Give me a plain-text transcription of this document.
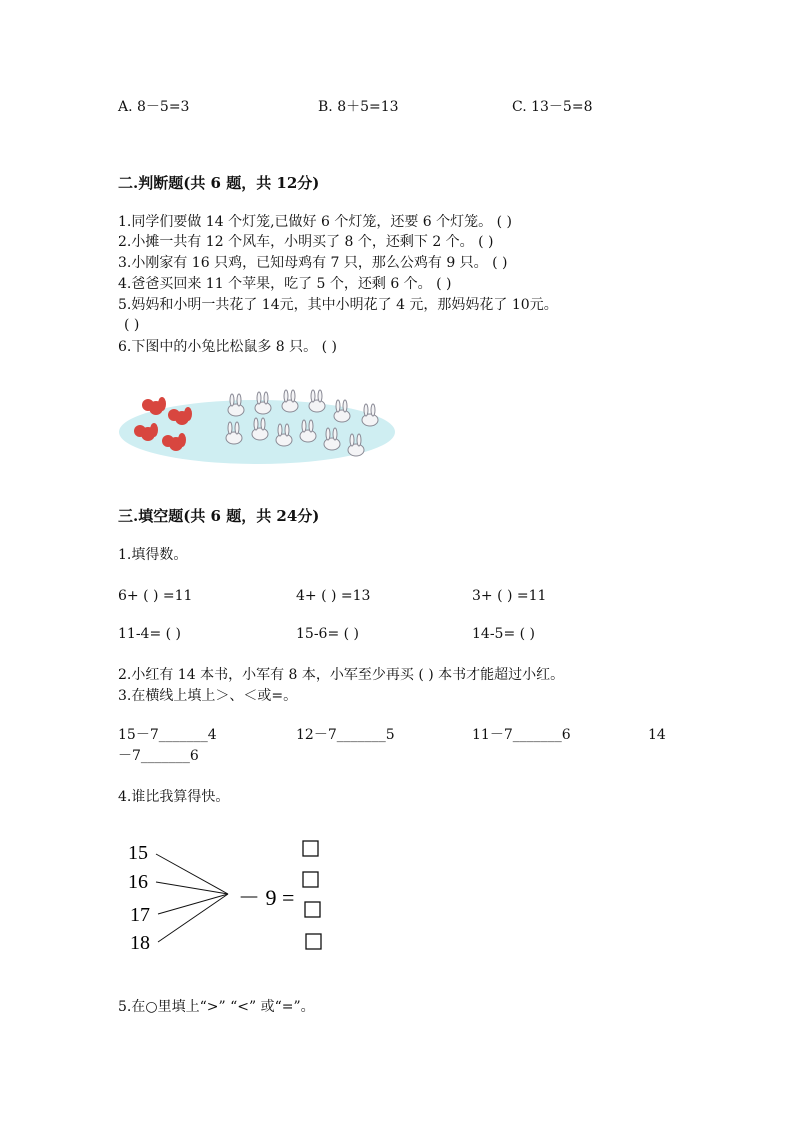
A. 8－5=3	B. 8＋5=13	C. 13－5=8
二.判断题(共 6 题，共 12分)
1.同学们要做 14 个灯笼,已做好 6 个灯笼，还要 6 个灯笼。 ( )
2.小摊一共有 12 个风车，小明买了 8 个，还剩下 2 个。 ( )
3.小刚家有 16 只鸡，已知母鸡有 7 只，那么公鸡有 9 只。 ( )
4.爸爸买回来 11 个苹果，吃了 5 个，还剩 6 个。 ( )
5.妈妈和小明一共花了 14元，其中小明花了 4 元，那妈妈花了 10元。
( )
6.下图中的小兔比松鼠多 8 只。 ( )
三.填空题(共 6 题，共 24分)
1.填得数。
6+ ( ) =11	4+ ( ) =13	3+ ( ) =11
11-4= ( )	15-6= ( )	14-5= ( )
2.小红有 14 本书，小军有 8 本，小军至少再买 ( ) 本书才能超过小红。
3.在横线上填上＞、＜或=。
15－7_______4	12－7_______5	11－7_______6	14
－7_______6
4.谁比我算得快。
15
16
17
18
－ 9 =
5.在○里填上“>” “<” 或“=”。
